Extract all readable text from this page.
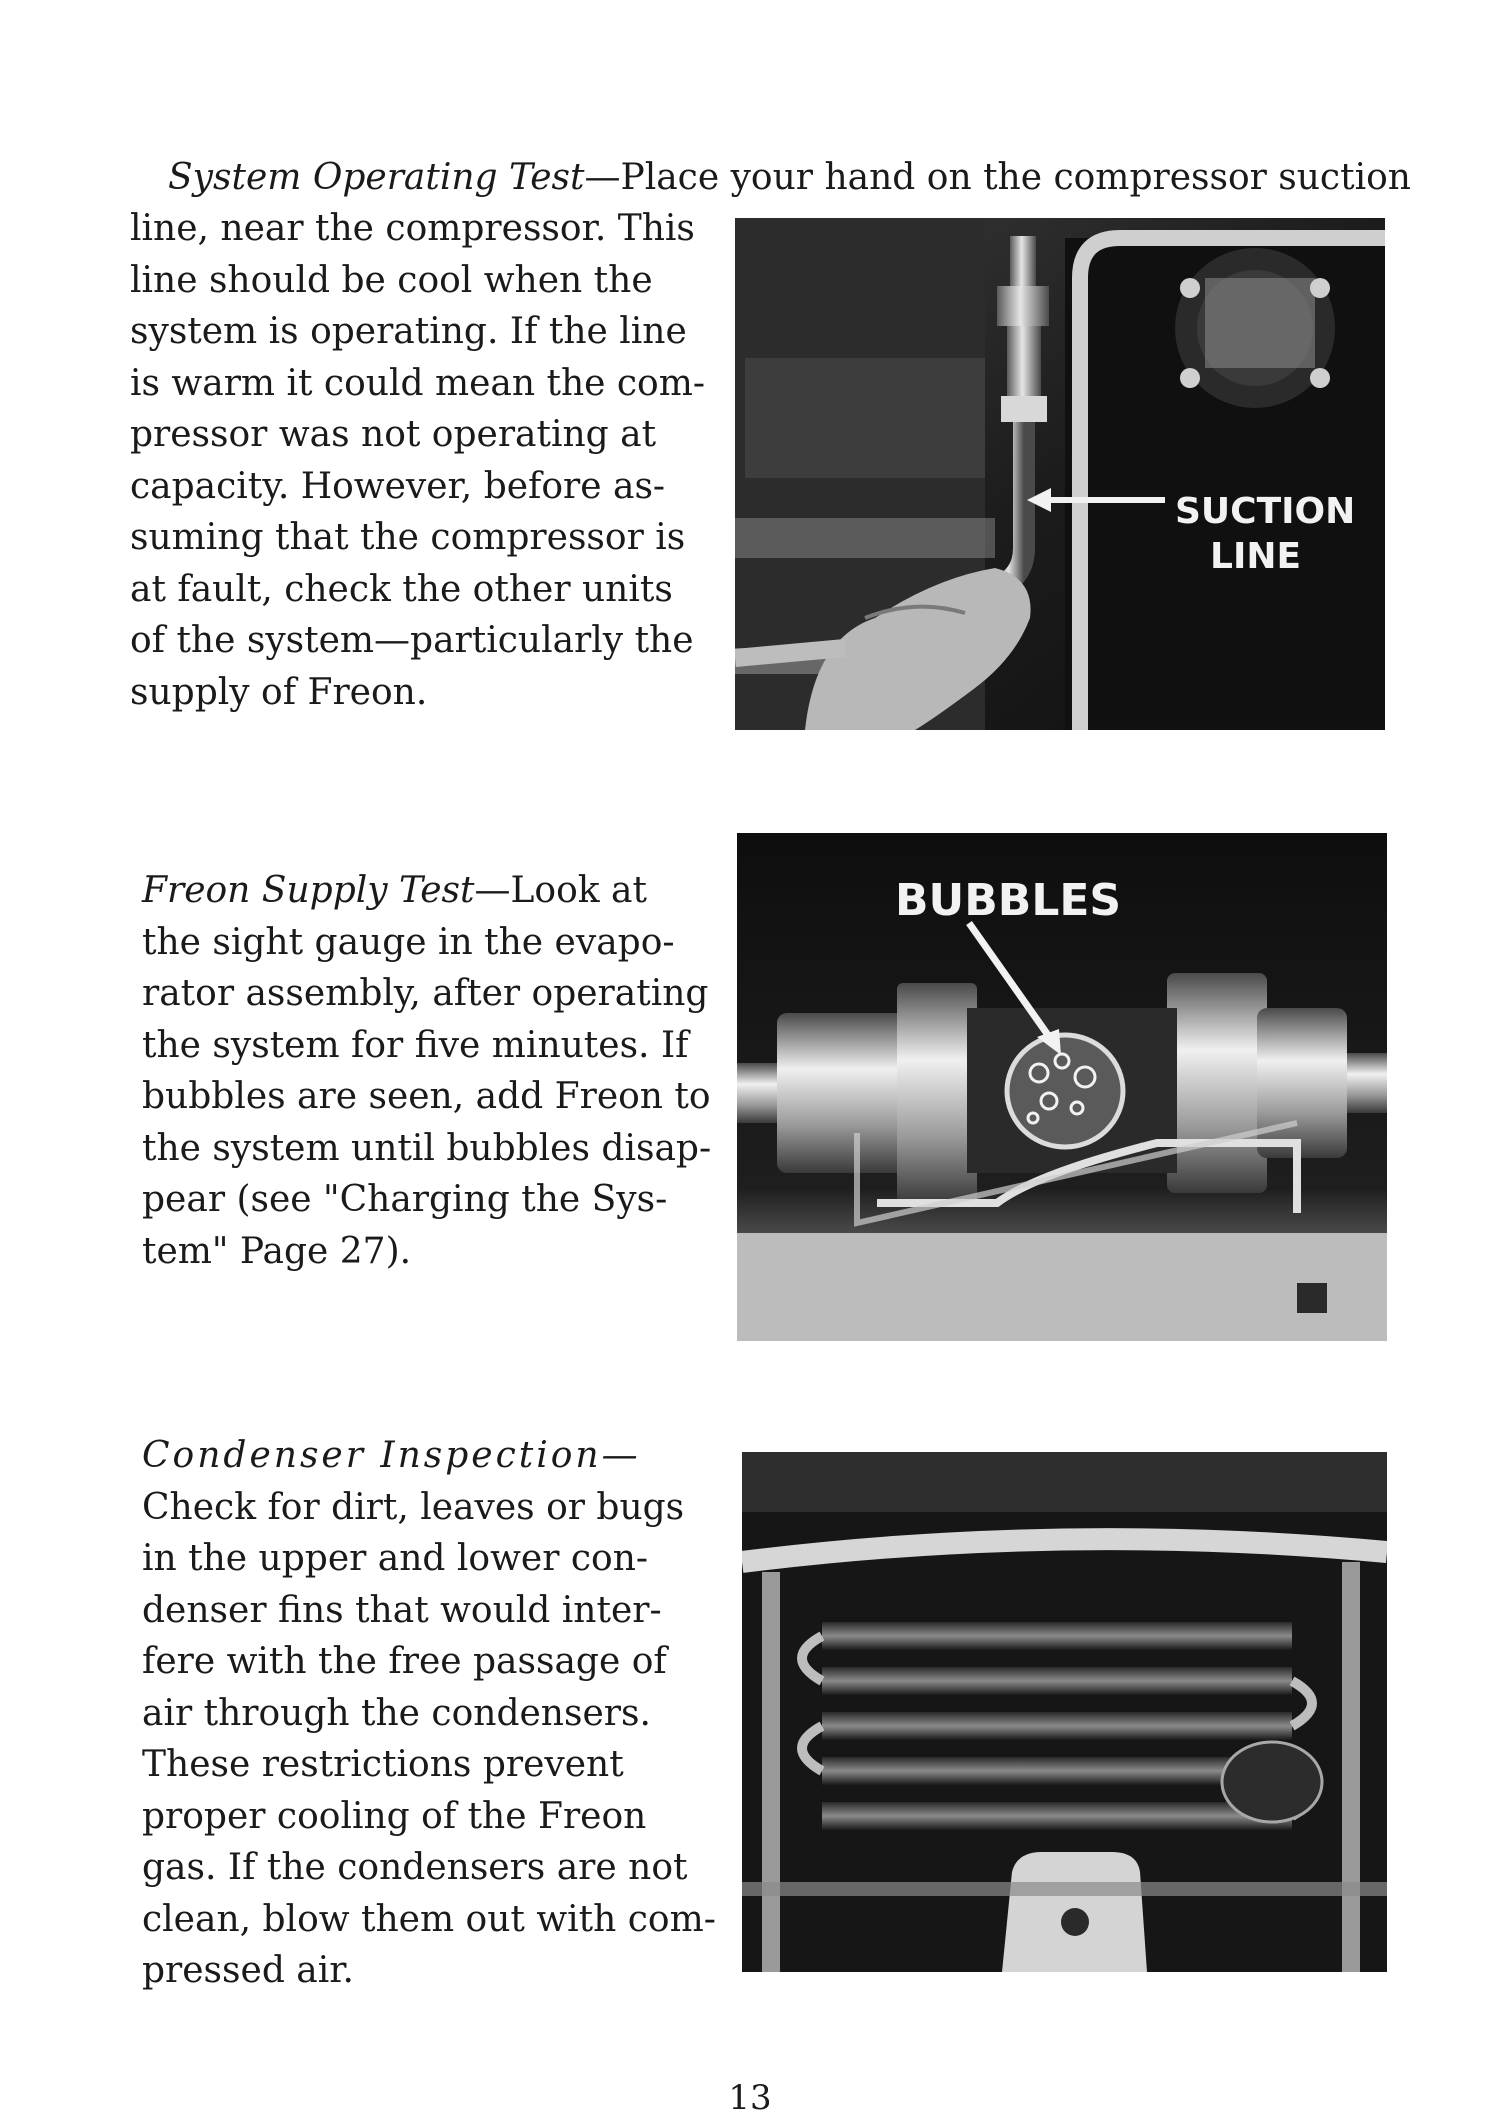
System Operating Test—Place your hand on the compressor suction
line, near the compressor. This
line should be cool when the
system is operating. If the line
is warm it could mean the com-
pressor was not operating at
capacity. However, before as-
suming that the compressor is
at fault, check the other units
of the system—particularly the
supply of Freon.
SUCTION
LINE
Freon Supply Test—Look at
the sight gauge in the evapo-
rator assembly, after operating
the system for five minutes. If
bubbles are seen, add Freon to
the system until bubbles disap-
pear (see "Charging the Sys-
tem" Page 27).
BUBBLES
Condenser Inspection—
Check for dirt, leaves or bugs
in the upper and lower con-
denser fins that would inter-
fere with the free passage of
air through the condensers.
These restrictions prevent
proper cooling of the Freon
gas. If the condensers are not
clean, blow them out with com-
pressed air.
13
